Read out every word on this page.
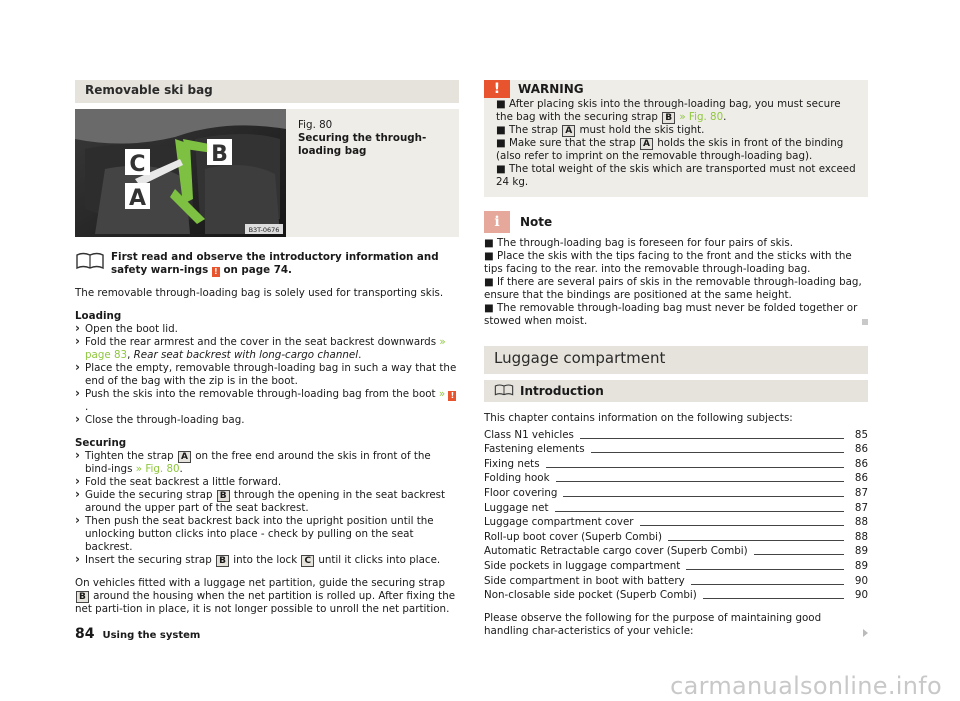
Removable ski bag
B3T-0676
C	B
A
Fig. 80
Securing the through-loading bag

First read and observe the introductory information and safety warn-ings ! on page 74.

The removable through-loading bag is solely used for transporting skis.

Loading

› Open the boot lid.
› Fold the rear armrest and the cover in the seat backrest downwards » page 83, Rear seat backrest with long-cargo channel.
› Place the empty, removable through-loading bag in such a way that the end of the bag with the zip is in the boot.
› Push the skis into the removable through-loading bag from the boot » !.
› Close the through-loading bag.

Securing

› Tighten the strap A on the free end around the skis in front of the bind-ings » Fig. 80.
› Fold the seat backrest a little forward.
› Guide the securing strap B through the opening in the seat backrest around the upper part of the seat backrest.
› Then push the seat backrest back into the upright position until the unlocking button clicks into place - check by pulling on the seat backrest.
› Insert the securing strap B into the lock C until it clicks into place.

On vehicles fitted with a luggage net partition, guide the securing strap B around the housing when the net partition is rolled up. After fixing the net parti-tion in place, it is not longer possible to unroll the net partition.

!	WARNING
■ After placing skis into the through-loading bag, you must secure the bag with the securing strap B » Fig. 80.
■ The strap A must hold the skis tight.
■ Make sure that the strap A holds the skis in front of the binding (also refer to imprint on the removable through-loading bag).
■ The total weight of the skis which are transported must not exceed 24 kg.
i	Note
■ The through-loading bag is foreseen for four pairs of skis.
■ Place the skis with the tips facing to the front and the sticks with the tips facing to the rear. into the removable through-loading bag.
■ If there are several pairs of skis in the removable through-loading bag, ensure that the bindings are positioned at the same height.
■ The removable through-loading bag must never be folded together or stowed when moist.
Luggage compartment
Introduction

This chapter contains information on the following subjects:

Class N1 vehicles	85
Fastening elements	86
Fixing nets	86
Folding hook	86
Floor covering	87
Luggage net	87
Luggage compartment cover	88
Roll-up boot cover (Superb Combi)	88
Automatic Retractable cargo cover (Superb Combi)	89
Side pockets in luggage compartment	89
Side compartment in boot with battery	90
Non-closable side pocket (Superb Combi)	90

Please observe the following for the purpose of maintaining good handling char-acteristics of your vehicle:

84 Using the system
carmanualsonline.info
